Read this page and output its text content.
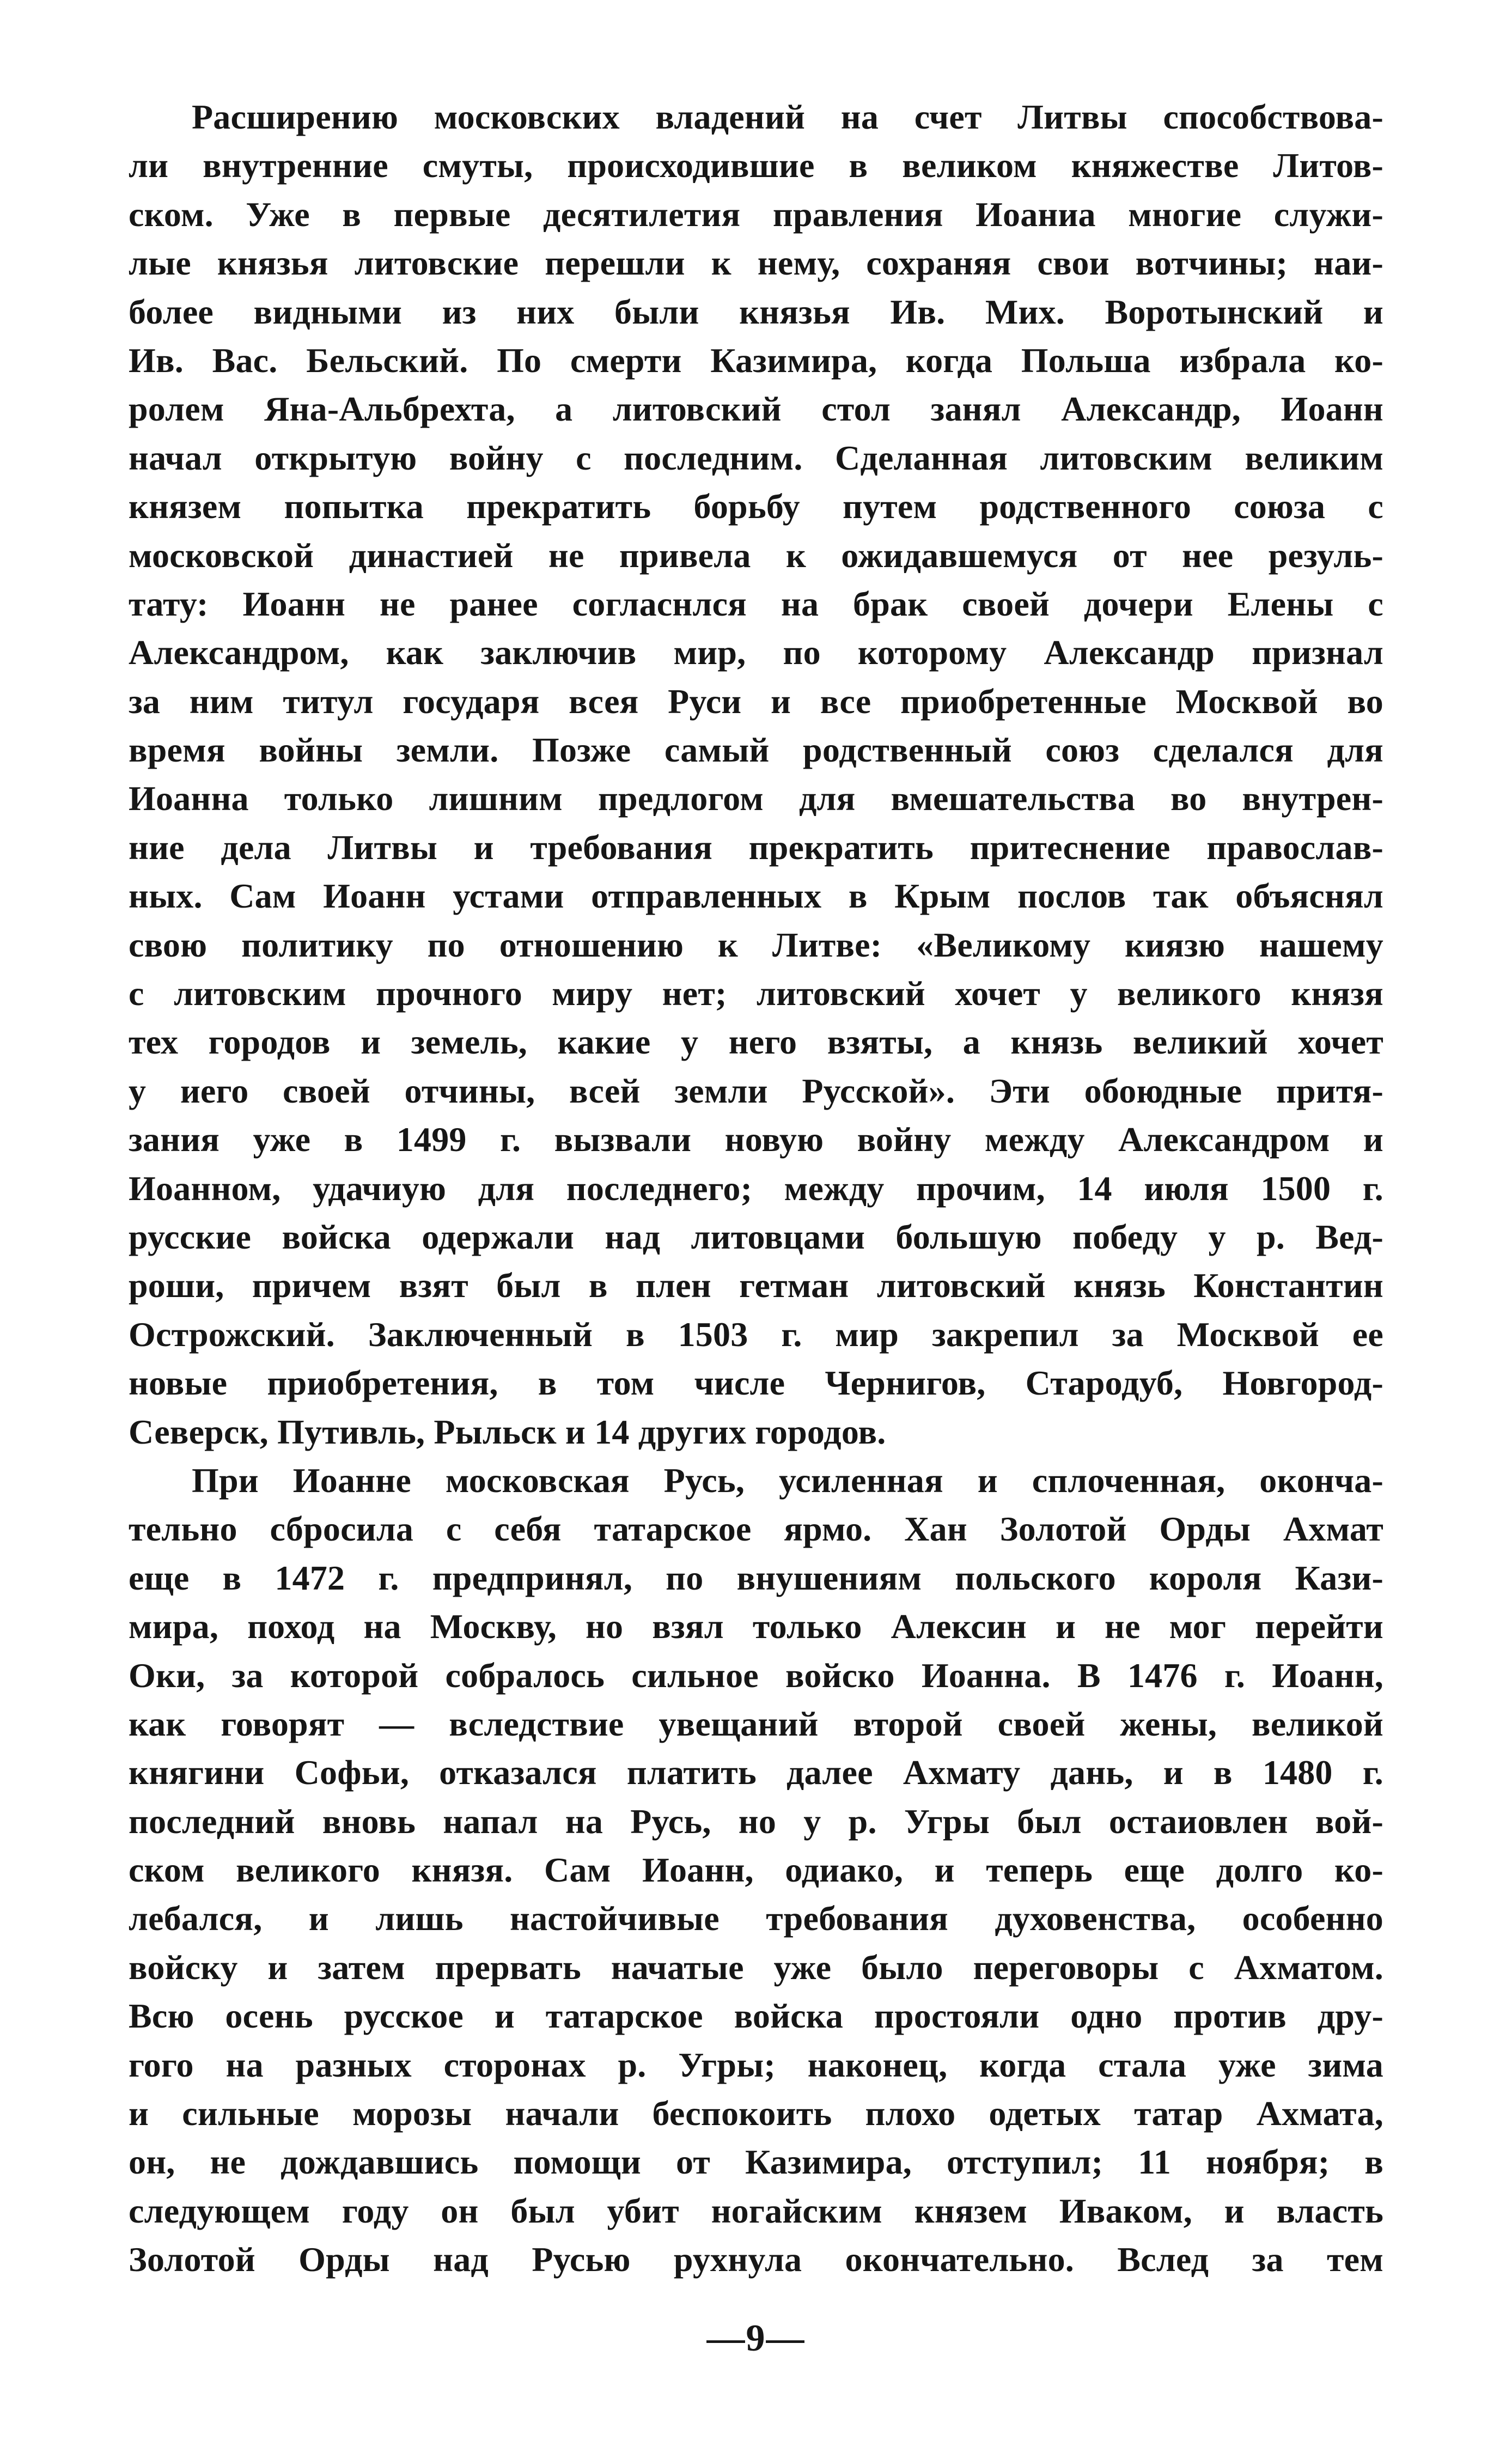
Расширению московских владений на счет Литвы способствова-
ли внутренние смуты, происходившие в великом княжестве Литов-
ском. Уже в первые десятилетия правления Иоаниа многие служи-
лые князья литовские перешли к нему, сохраняя свои вотчины; наи-
более видными из них были князья Ив. Мих. Воротынский и
Ив. Вас. Бельский. По смерти Казимира, когда Польша избрала ко-
ролем Яна-Альбрехта, а литовский стол занял Александр, Иоанн
начал открытую войну с последним. Сделанная литовским великим
князем попытка прекратить борьбу путем родственного союза с
московской династией не привела к ожидавшемуся от нее резуль-
тату: Иоанн не ранее согласнлся на брак своей дочери Елены с
Александром, как заключив мир, по которому Александр признал
за ним титул государя всея Руси и все приобретенные Москвой во
время войны земли. Позже самый родственный союз сделался для
Иоанна только лишним предлогом для вмешательства во внутрен-
ние дела Литвы и требования прекратить притеснение православ-
ных. Сам Иоанн устами отправленных в Крым послов так объяснял
свою политику по отношению к Литве: «Великому киязю нашему
с литовским прочного миру нет; литовский хочет у великого князя
тех городов и земель, какие у него взяты, а князь великий хочет
у иего своей отчины, всей земли Русской». Эти обоюдные притя-
зания уже в 1499 г. вызвали новую войну между Александром и
Иоанном, удачиую для последнего; между прочим, 14 июля 1500 г.
русские войска одержали над литовцами большую победу у р. Вед-
роши, причем взят был в плен гетман литовский князь Константин
Острожский. Заключенный в 1503 г. мир закрепил за Москвой ее
новые приобретения, в том числе Чернигов, Стародуб, Новгород-
Северск, Путивль, Рыльск и 14 других городов.
При Иоанне московская Русь, усиленная и сплоченная, оконча-
тельно сбросила с себя татарское ярмо. Хан Золотой Орды Ахмат
еще в 1472 г. предпринял, по внушениям польского короля Кази-
мира, поход на Москву, но взял только Алексин и не мог перейти
Оки, за которой собралось сильное войско Иоанна. В 1476 г. Иоанн,
как говорят — вследствие увещаний второй своей жены, великой
княгини Софьи, отказался платить далее Ахмату дань, и в 1480 г.
последний вновь напал на Русь, но у р. Угры был остаиовлен вой-
ском великого князя. Сам Иоанн, одиако, и теперь еще долго ко-
лебался, и лишь настойчивые требования духовенства, особенно
войску и затем прервать начатые уже было переговоры с Ахматом.
Всю осень русское и татарское войска простояли одно против дру-
гого на разных сторонах р. Угры; наконец, когда стала уже зима
и сильные морозы начали беспокоить плохо одетых татар Ахмата,
он, не дождавшись помощи от Казимира, отступил; 11 ноября; в
следующем году он был убит ногайским князем Иваком, и власть
Золотой Орды над Русью рухнула окончательно. Вслед за тем
—9—
